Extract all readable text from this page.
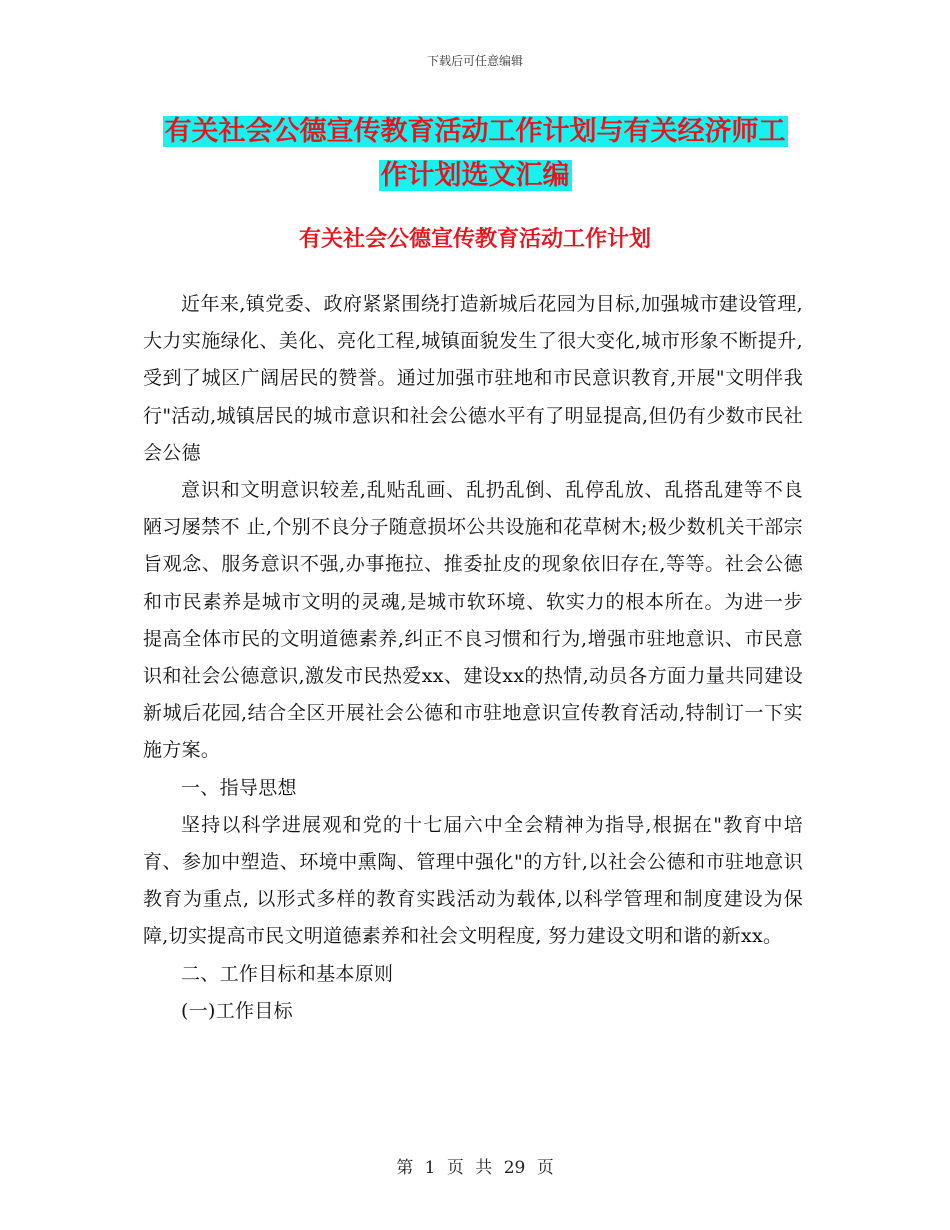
下载后可任意编辑
有关社会公德宣传教育活动工作计划与有关经济师工
作计划选文汇编
有关社会公德宣传教育活动工作计划

近年来,镇党委、政府紧紧围绕打造新城后花园为目标,加强城市建设管理,大力实施绿化、美化、亮化工程,城镇面貌发生了很大变化,城市形象不断提升,受到了城区广阔居民的赞誉。通过加强市驻地和市民意识教育,开展"文明伴我行"活动,城镇居民的城市意识和社会公德水平有了明显提高,但仍有少数市民社会公德

意识和文明意识较差,乱贴乱画、乱扔乱倒、乱停乱放、乱搭乱建等不良陋习屡禁不 止,个别不良分子随意损坏公共设施和花草树木;极少数机关干部宗旨观念、服务意识不强,办事拖拉、推委扯皮的现象依旧存在,等等。社会公德和市民素养是城市文明的灵魂,是城市软环境、软实力的根本所在。为进一步提高全体市民的文明道德素养,纠正不良习惯和行为,增强市驻地意识、市民意识和社会公德意识,激发市民热爱xx、建设xx的热情,动员各方面力量共同建设新城后花园,结合全区开展社会公德和市驻地意识宣传教育活动,特制订一下实施方案。

一、指导思想

坚持以科学进展观和党的十七届六中全会精神为指导,根据在"教育中培育、参加中塑造、环境中熏陶、管理中强化"的方针,以社会公德和市驻地意识教育为重点, 以形式多样的教育实践活动为载体,以科学管理和制度建设为保障,切实提高市民文明道德素养和社会文明程度, 努力建设文明和谐的新xx。

二、工作目标和基本原则

(一)工作目标

第 1 页 共 29 页
